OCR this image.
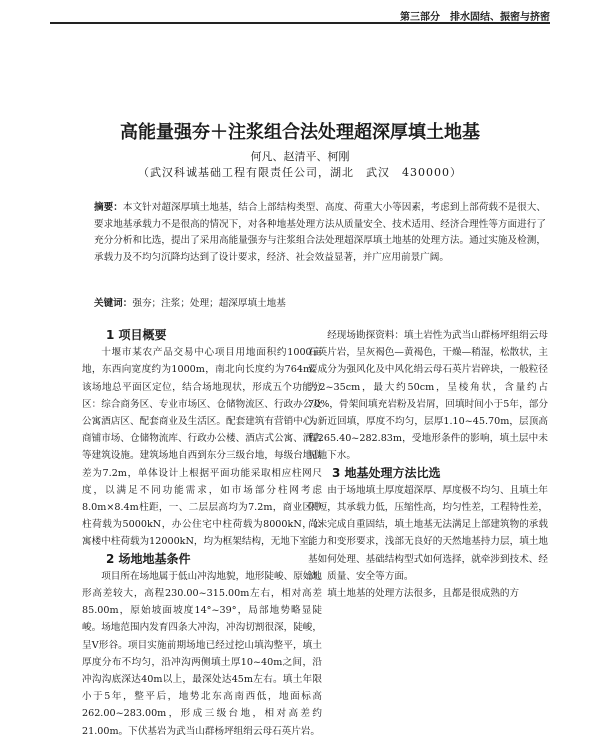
第三部分　排水固结、振密与挤密
高能量强夯＋注浆组合法处理超深厚填土地基
何凡、赵清平、柯刚
（武汉科诚基础工程有限责任公司，湖北　武汉　430000）
摘要：本文针对超深厚填土地基，结合上部结构类型、高度、荷重大小等因素，考虑到上部荷载不是很大、要求地基承载力不是很高的情况下，对各种地基处理方法从质量安全、技术适用、经济合理性等方面进行了充分分析和比选，提出了采用高能量强夯与注浆组合法处理超深厚填土地基的处理方法。通过实施及检测，承载力及不均匀沉降均达到了设计要求，经济、社会效益显著，并广应用前景广阔。
关键词：强夯；注浆；处理；超深厚填土地基

1 项目概要

十堰市某农产品交易中心项目用地面积约1000亩地，东西向宽度约为1000m，南北向长度约为764m。该场地总平面区定位，结合场地现状，形成五个功能分区：综合商务区、专业市场区、仓储物流区、行政办公及公寓酒店区、配套商业及生活区。配套建筑有营销中心、商铺市场、仓储物流库、行政办公楼、酒店式公寓、酒店等建筑设施。建筑场地自西到东分三级台地，每级台地高差为7.2m，单体设计上根据平面功能采取相应柱网尺度，以满足不同功能需求，如市场部分柱网考虑8.0m×8.4m柱距，一、二层层高均为7.2m，商业区中柱荷载为5000kN，办公住宅中柱荷载为8000kN，公寓楼中柱荷载为12000kN，均为框架结构，无地下室。

2 场地地基条件

项目所在场地属于低山冲沟地貌，地形陡峻、原始地形高差较大，高程230.00~315.00m左右，相对高差85.00m，原始坡面坡度14°~39°，局部地势略显陡峻。场地范围内发育四条大冲沟，冲沟切割很深，陡峻，呈V形谷。项目实施前期场地已经过挖山填沟整平，填土厚度分布不均匀，沿冲沟两侧填土厚10~40m之间，沿冲沟沟底深达40m以上，最深处达45m左右。填土年限小于5年，整平后，地势北东高南西低，地面标高262.00~283.00m，形成三级台地，相对高差约21.00m。下伏基岩为武当山群杨坪组绢云母石英片岩。

经现场勘探资料：填土岩性为武当山群杨坪组绢云母石英片岩，呈灰褐色—黄褐色，干燥—稍湿，松散状，主要成分为强风化及中风化绢云母石英片岩碎块，一般粒径为2~35cm，最大约50cm，呈棱角状，含量约占70%，骨架间填充岩粉及岩屑，回填时间小于5年，部分为新近回填，厚度不均匀，层厚1.10~45.70m，层顶高程265.40~282.83m，受地形条件的影响，填土层中未见地下水。

3 地基处理方法比选

由于场地填土厚度超深厚、厚度极不均匀、且填土年限短，其承载力低，压缩性高，均匀性差，工程特性差，尚未完成自重固结，填土地基无法满足上部建筑物的承载能力和变形要求，浅部无良好的天然地基持力层，填土地基如何处理、基础结构型式如何选择，就牵涉到技术、经济、质量、安全等方面。

填土地基的处理方法很多，且都是很成熟的方
